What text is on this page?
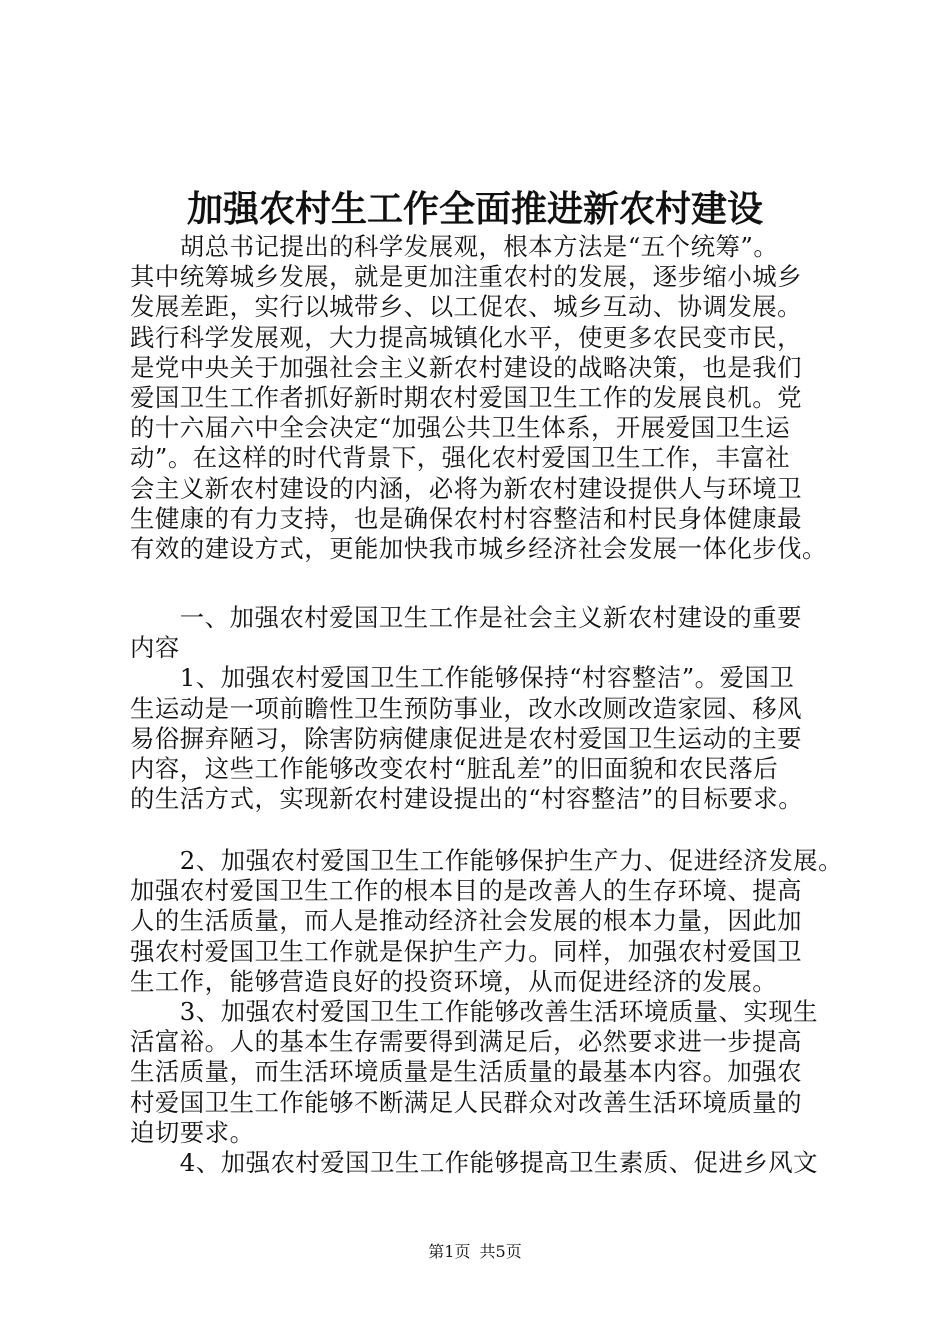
加强农村生工作全面推进新农村建设
　　胡总书记提出的科学发展观，根本方法是“五个统筹”。
其中统筹城乡发展，就是更加注重农村的发展，逐步缩小城乡
发展差距，实行以城带乡、以工促农、城乡互动、协调发展。
践行科学发展观，大力提高城镇化水平，使更多农民变市民，
是党中央关于加强社会主义新农村建设的战略决策，也是我们
爱国卫生工作者抓好新时期农村爱国卫生工作的发展良机。党
的十六届六中全会决定“加强公共卫生体系，开展爱国卫生运
动”。在这样的时代背景下，强化农村爱国卫生工作，丰富社
会主义新农村建设的内涵，必将为新农村建设提供人与环境卫
生健康的有力支持，也是确保农村村容整洁和村民身体健康最
有效的建设方式，更能加快我市城乡经济社会发展一体化步伐。
　　一、加强农村爱国卫生工作是社会主义新农村建设的重要
内容
　　1、加强农村爱国卫生工作能够保持“村容整洁”。爱国卫
生运动是一项前瞻性卫生预防事业，改水改厕改造家园、移风
易俗摒弃陋习，除害防病健康促进是农村爱国卫生运动的主要
内容，这些工作能够改变农村“脏乱差”的旧面貌和农民落后
的生活方式，实现新农村建设提出的“村容整洁”的目标要求。
　　2、加强农村爱国卫生工作能够保护生产力、促进经济发展。
加强农村爱国卫生工作的根本目的是改善人的生存环境、提高
人的生活质量，而人是推动经济社会发展的根本力量，因此加
强农村爱国卫生工作就是保护生产力。同样，加强农村爱国卫
生工作，能够营造良好的投资环境，从而促进经济的发展。
　　3、加强农村爱国卫生工作能够改善生活环境质量、实现生
活富裕。人的基本生存需要得到满足后，必然要求进一步提高
生活质量，而生活环境质量是生活质量的最基本内容。加强农
村爱国卫生工作能够不断满足人民群众对改善生活环境质量的
迫切要求。
　　4、加强农村爱国卫生工作能够提高卫生素质、促进乡风文
第1页 共5页
